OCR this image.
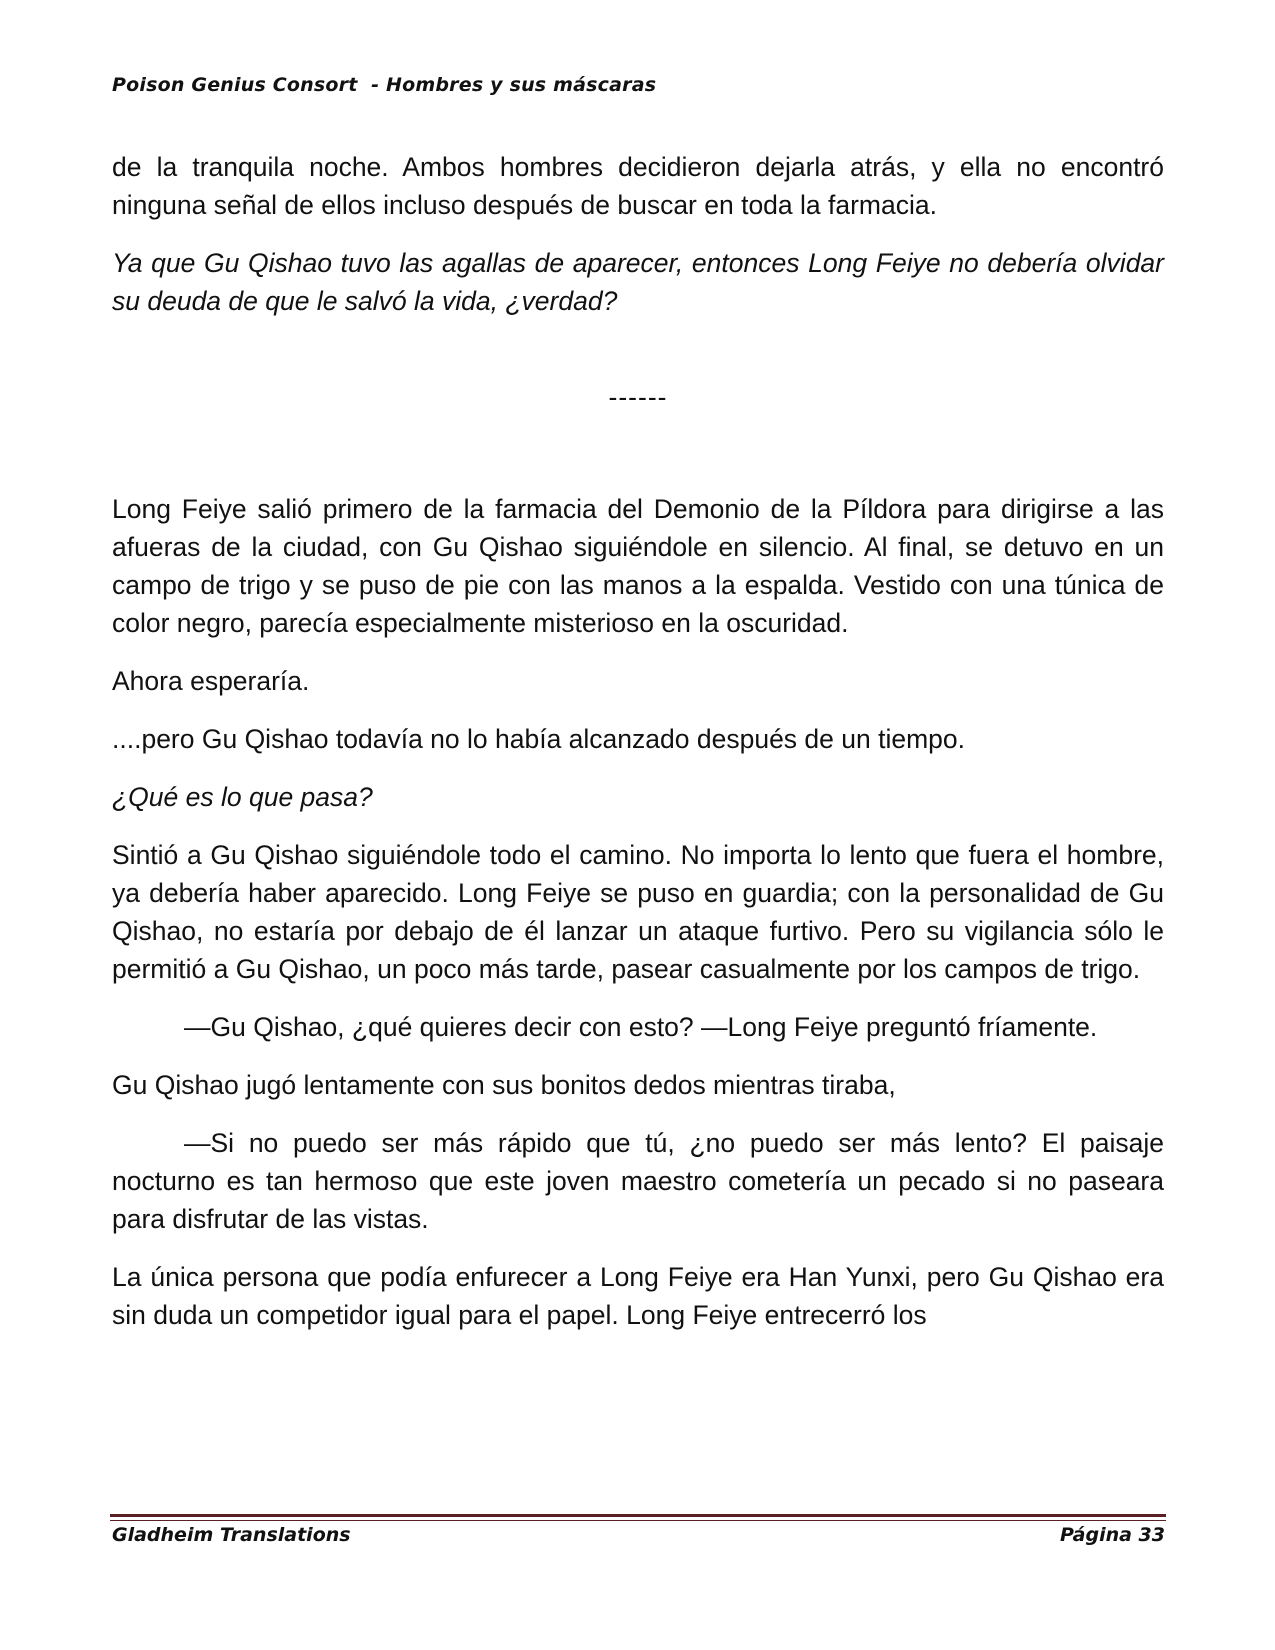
Poison Genius Consort  - Hombres y sus máscaras

de la tranquila noche. Ambos hombres decidieron dejarla atrás, y ella no encontró ninguna señal de ellos incluso después de buscar en toda la farmacia.

Ya que Gu Qishao tuvo las agallas de aparecer, entonces Long Feiye no debería olvidar su deuda de que le salvó la vida, ¿verdad?

------

Long Feiye salió primero de la farmacia del Demonio de la Píldora para dirigirse a las afueras de la ciudad, con Gu Qishao siguiéndole en silencio. Al final, se detuvo en un campo de trigo y se puso de pie con las manos a la espalda. Vestido con una túnica de color negro, parecía especialmente misterioso en la oscuridad.

Ahora esperaría.

....pero Gu Qishao todavía no lo había alcanzado después de un tiempo.

¿Qué es lo que pasa?

Sintió a Gu Qishao siguiéndole todo el camino. No importa lo lento que fuera el hombre, ya debería haber aparecido. Long Feiye se puso en guardia; con la personalidad de Gu Qishao, no estaría por debajo de él lanzar un ataque furtivo. Pero su vigilancia sólo le permitió a Gu Qishao, un poco más tarde, pasear casualmente por los campos de trigo.

—Gu Qishao, ¿qué quieres decir con esto? —Long Feiye preguntó fríamente.

Gu Qishao jugó lentamente con sus bonitos dedos mientras tiraba,

—Si no puedo ser más rápido que tú, ¿no puedo ser más lento? El paisaje nocturno es tan hermoso que este joven maestro cometería un pecado si no paseara para disfrutar de las vistas.

La única persona que podía enfurecer a Long Feiye era Han Yunxi, pero Gu Qishao era sin duda un competidor igual para el papel. Long Feiye entrecerró los

Gladheim Translations	Página 33
